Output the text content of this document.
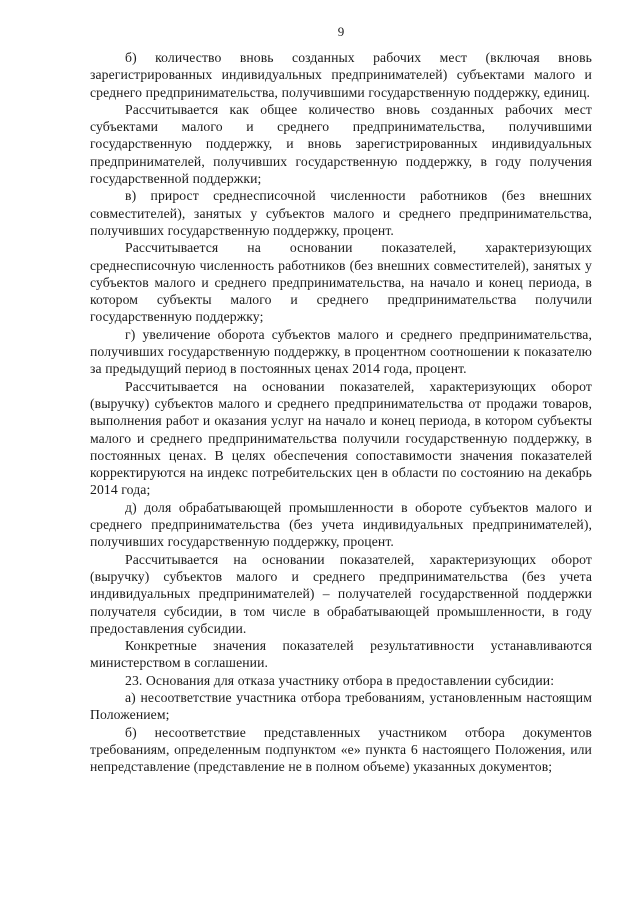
9

б) количество вновь созданных рабочих мест (включая вновь зарегистрированных индивидуальных предпринимателей) субъектами малого и среднего предпринимательства, получившими государственную поддержку, единиц.

Рассчитывается как общее количество вновь созданных рабочих мест субъектами малого и среднего предпринимательства, получившими государственную поддержку, и вновь зарегистрированных индивидуальных предпринимателей, получивших государственную поддержку, в году получения государственной поддержки;

в) прирост среднесписочной численности работников (без внешних совместителей), занятых у субъектов малого и среднего предпринимательства, получивших государственную поддержку, процент.

Рассчитывается на основании показателей, характеризующих среднесписочную численность работников (без внешних совместителей), занятых у субъектов малого и среднего предпринимательства, на начало и конец периода, в котором субъекты малого и среднего предпринимательства получили государственную поддержку;

г) увеличение оборота субъектов малого и среднего предпринимательства, получивших государственную поддержку, в процентном соотношении к показателю за предыдущий период в постоянных ценах 2014 года, процент.

Рассчитывается на основании показателей, характеризующих оборот (выручку) субъектов малого и среднего предпринимательства от продажи товаров, выполнения работ и оказания услуг на начало и конец периода, в котором субъекты малого и среднего предпринимательства получили государственную поддержку, в постоянных ценах. В целях обеспечения сопоставимости значения показателей корректируются на индекс потребительских цен в области по состоянию на декабрь 2014 года;

д) доля обрабатывающей промышленности в обороте субъектов малого и среднего предпринимательства (без учета индивидуальных предпринимателей), получивших государственную поддержку, процент.

Рассчитывается на основании показателей, характеризующих оборот (выручку) субъектов малого и среднего предпринимательства (без учета индивидуальных предпринимателей) – получателей государственной поддержки получателя субсидии, в том числе в обрабатывающей промышленности, в году предоставления субсидии.

Конкретные значения показателей результативности устанавливаются министерством в соглашении.

23. Основания для отказа участнику отбора в предоставлении субсидии:

а) несоответствие участника отбора требованиям, установленным настоящим Положением;

б) несоответствие представленных участником отбора документов требованиям, определенным подпунктом «е» пункта 6 настоящего Положения, или непредставление (представление не в полном объеме) указанных документов;
